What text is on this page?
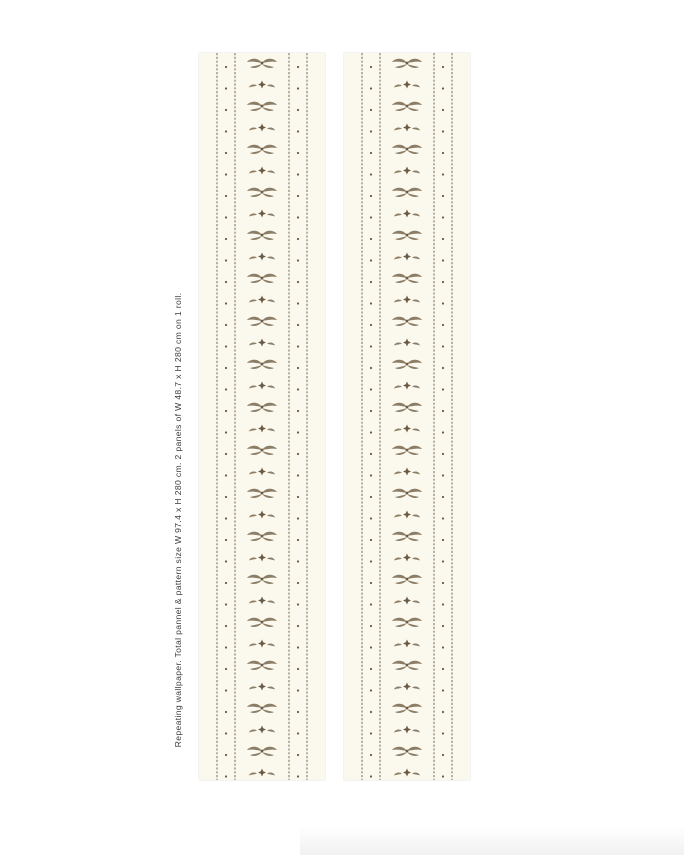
Repeating wallpaper. Total pannel & pattern size W 97.4 x H 280 cm. 2 panels of W 48.7 x H 280 cm on 1 roll.
